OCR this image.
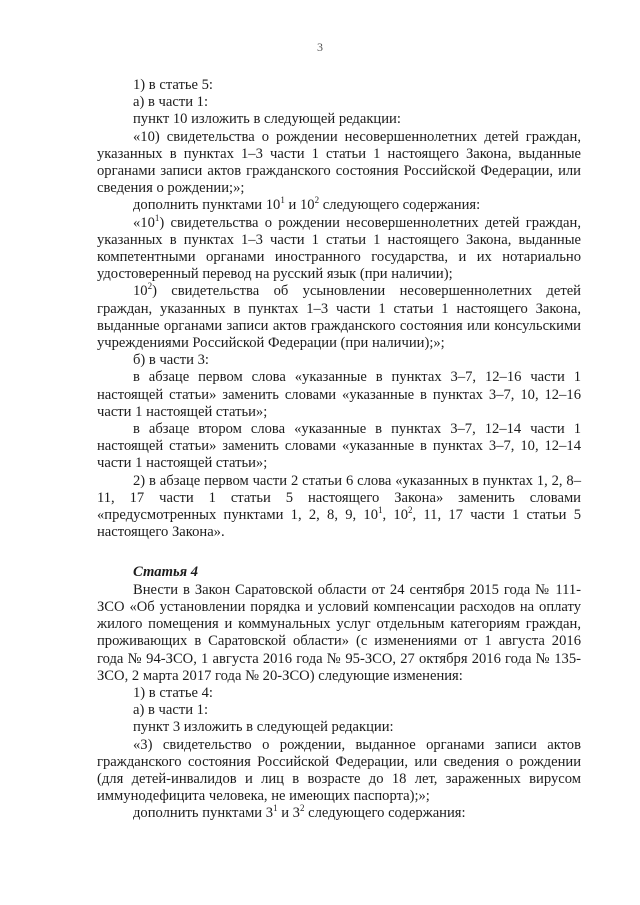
3

1) в статье 5:

а) в части 1:

пункт 10 изложить в следующей редакции:

«10) свидетельства о рождении несовершеннолетних детей граждан, указанных в пунктах 1–3 части 1 статьи 1 настоящего Закона, выданные органами записи актов гражданского состояния Российской Федерации, или сведения о рождении;»;

дополнить пунктами $10^1$ и $10^2$ следующего содержания:

«$10^1$) свидетельства о рождении несовершеннолетних детей граждан, указанных в пунктах 1–3 части 1 статьи 1 настоящего Закона, выданные компетентными органами иностранного государства, и их нотариально удостоверенный перевод на русский язык (при наличии);

$10^2$) свидетельства об усыновлении несовершеннолетних детей граждан, указанных в пунктах 1–3 части 1 статьи 1 настоящего Закона, выданные органами записи актов гражданского состояния или консульскими учреждениями Российской Федерации (при наличии);»;

б) в части 3:

в абзаце первом слова «указанные в пунктах 3–7, 12–16 части 1 настоящей статьи» заменить словами «указанные в пунктах 3–7, 10, 12–16 части 1 настоящей статьи»;

в абзаце втором слова «указанные в пунктах 3–7, 12–14 части 1 настоящей статьи» заменить словами «указанные в пунктах 3–7, 10, 12–14 части 1 настоящей статьи»;

2) в абзаце первом части 2 статьи 6 слова «указанных в пунктах 1, 2, 8–11, 17 части 1 статьи 5 настоящего Закона» заменить словами «предусмотренных пунктами 1, 2, 8, 9, $10^1$, $10^2$, 11, 17 части 1 статьи 5 настоящего Закона».

Статья 4

Внести в Закон Саратовской области от 24 сентября 2015 года № 111-ЗСО «Об установлении порядка и условий компенсации расходов на оплату жилого помещения и коммунальных услуг отдельным категориям граждан, проживающих в Саратовской области» (с изменениями от 1 августа 2016 года № 94-ЗСО, 1 августа 2016 года № 95-ЗСО, 27 октября 2016 года № 135-ЗСО, 2 марта 2017 года № 20-ЗСО) следующие изменения:

1) в статье 4:

а) в части 1:

пункт 3 изложить в следующей редакции:

«3) свидетельство о рождении, выданное органами записи актов гражданского состояния Российской Федерации, или сведения о рождении (для детей-инвалидов и лиц в возрасте до 18 лет, зараженных вирусом иммунодефицита человека, не имеющих паспорта);»;

дополнить пунктами $3^1$ и $3^2$ следующего содержания:
